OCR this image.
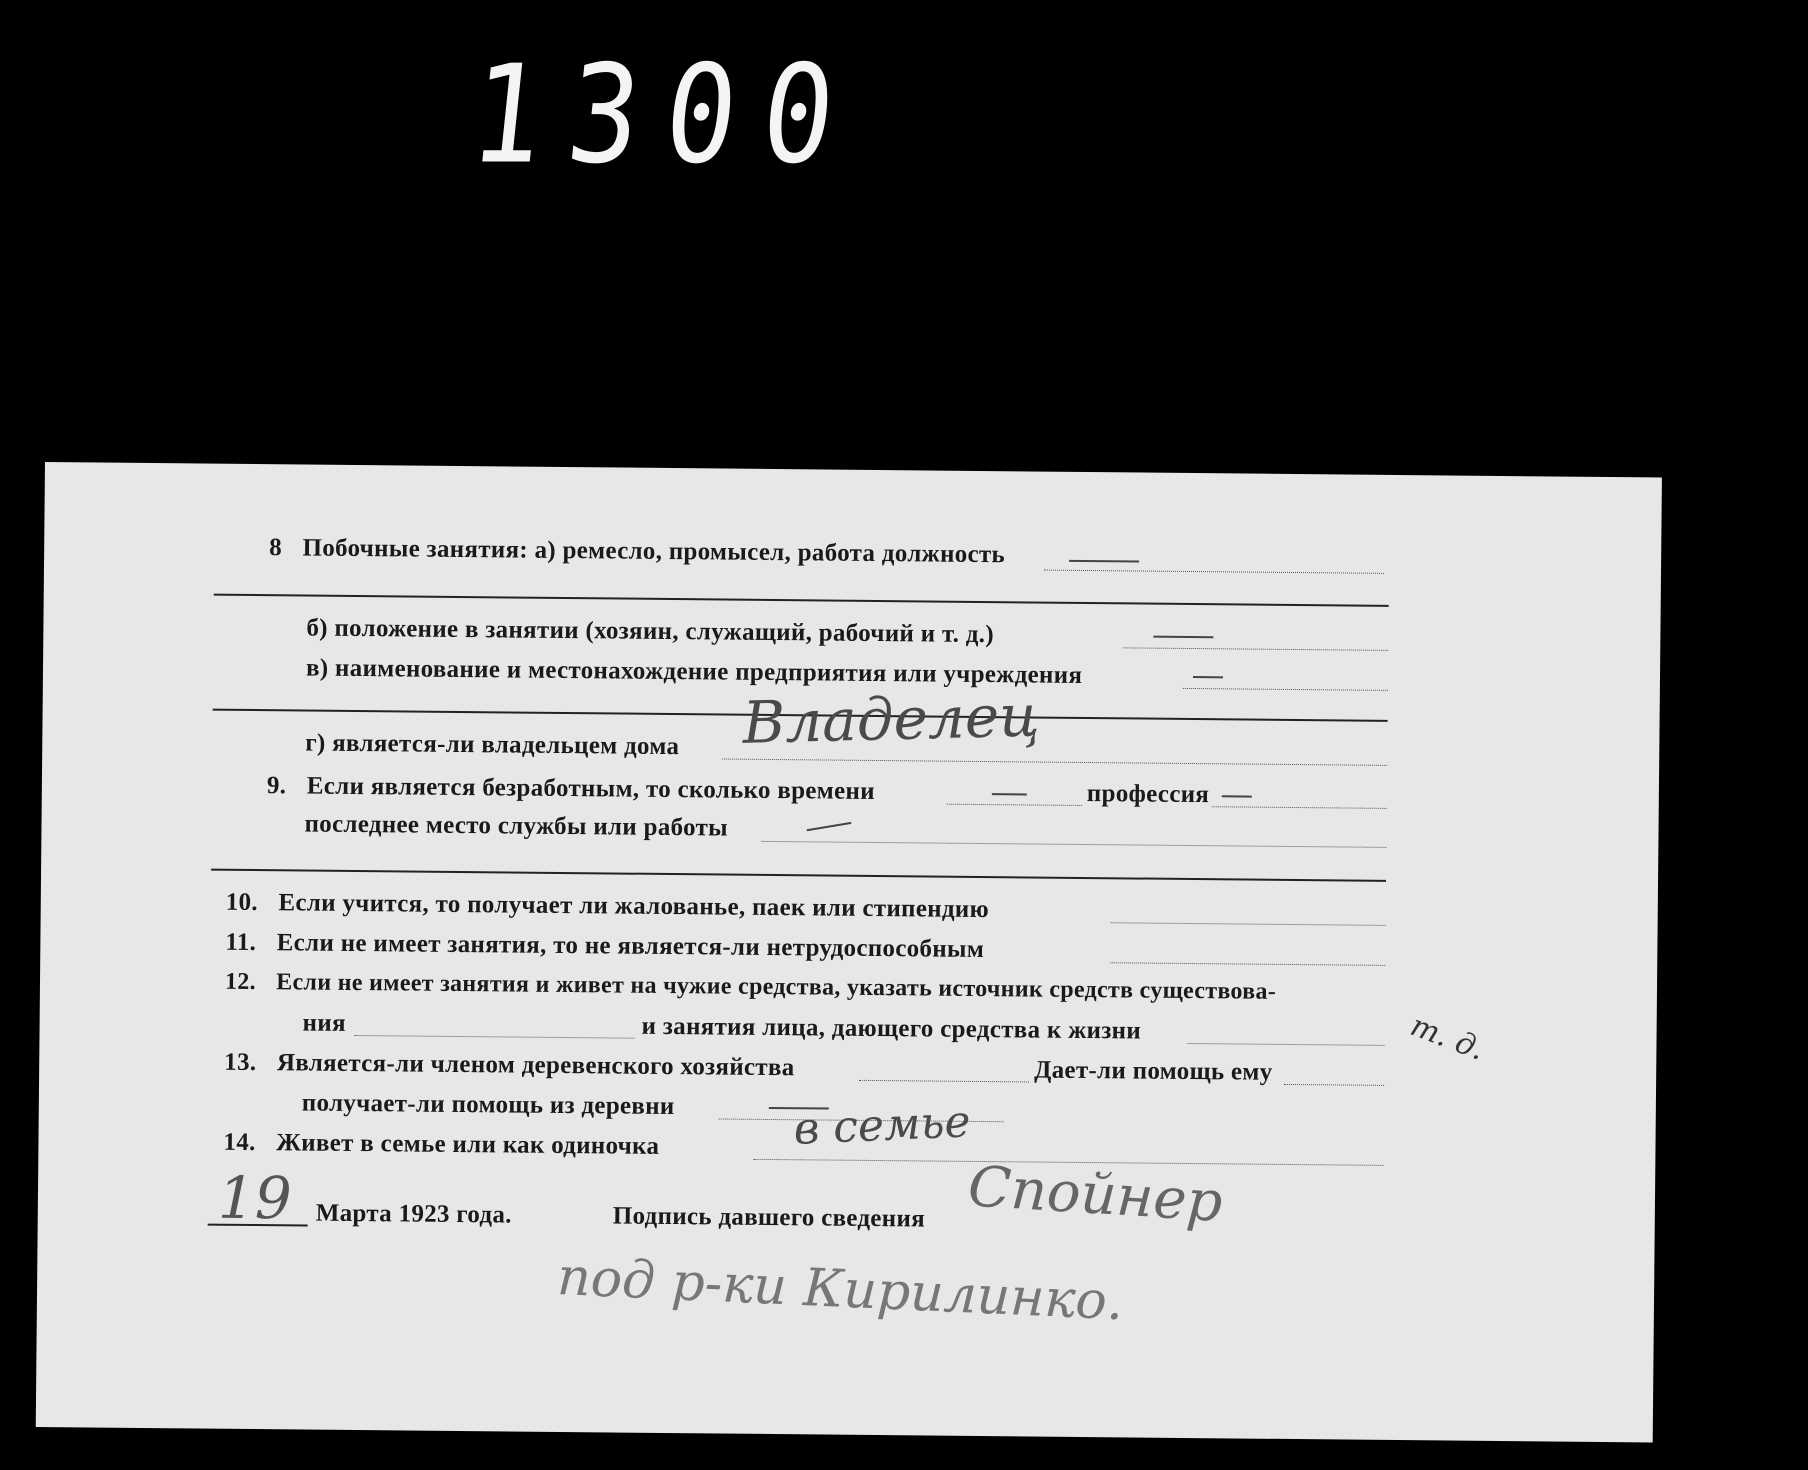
1300
8 Побочные занятия: а) ремесло, промысел, работа должность
б) положение в занятии (хозяин, служащий, рабочий и т. д.)
в) наименование и местонахождение предприятия или учреждения
г) является-ли владельцем дома Владелец
9. Если является безработным, то сколько времени	профессия
последнее место службы или работы
10. Если учится, то получает ли жалованье, паек или стипендию
11. Если не имеет занятия, то не является-ли нетрудоспособным
12. Если не имеет занятия и живет на чужие средства, указать источник средств существова-
ния	и занятия лица, дающего средства к жизни
13. Является-ли членом деревенского хозяйства	Дает-ли помощь ему
получает-ли помощь из деревни
14. Живет в семье или как одиночка	в семье
19 Марта 1923 года.	Подпись давшего сведения Спойнер
под р-ки Кирилинко.
т. д.
